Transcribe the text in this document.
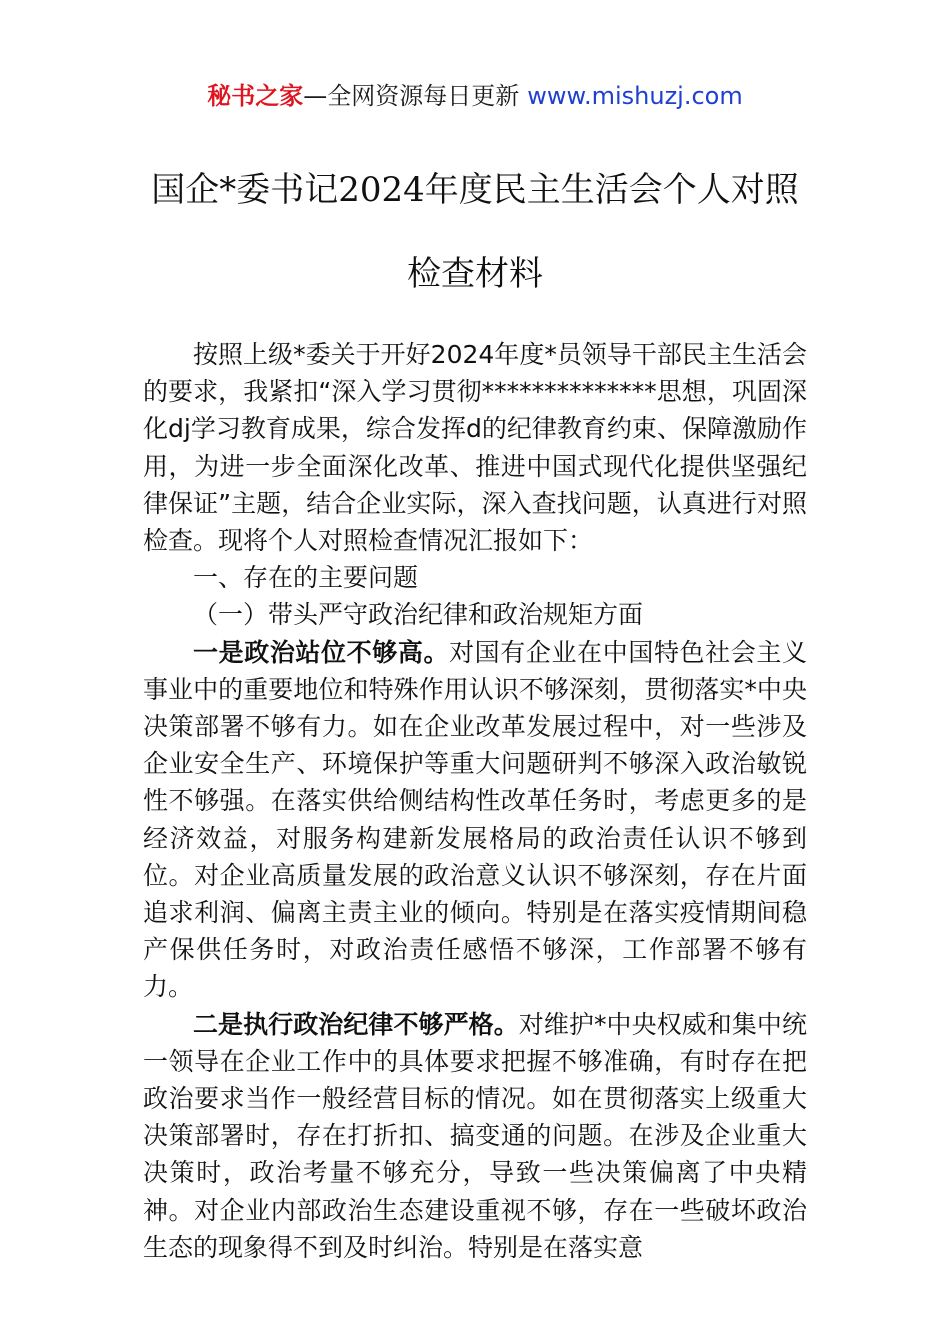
秘书之家—全网资源每日更新 www.mishuzj.com
国企*委书记2024年度民主生活会个人对照检查材料

按照上级*委关于开好2024年度*员领导干部民主生活会的要求，我紧扣“深入学习贯彻**************思想，巩固深化dj学习教育成果，综合发挥d的纪律教育约束、保障激励作用，为进一步全面深化改革、推进中国式现代化提供坚强纪律保证”主题，结合企业实际，深入查找问题，认真进行对照检查。现将个人对照检查情况汇报如下：

一、存在的主要问题

（一）带头严守政治纪律和政治规矩方面

一是政治站位不够高。对国有企业在中国特色社会主义事业中的重要地位和特殊作用认识不够深刻，贯彻落实*中央决策部署不够有力。如在企业改革发展过程中，对一些涉及企业安全生产、环境保护等重大问题研判不够深入政治敏锐性不够强。在落实供给侧结构性改革任务时，考虑更多的是经济效益，对服务构建新发展格局的政治责任认识不够到位。对企业高质量发展的政治意义认识不够深刻，存在片面追求利润、偏离主责主业的倾向。特别是在落实疫情期间稳产保供任务时，对政治责任感悟不够深，工作部署不够有力。

二是执行政治纪律不够严格。对维护*中央权威和集中统一领导在企业工作中的具体要求把握不够准确，有时存在把政治要求当作一般经营目标的情况。如在贯彻落实上级重大决策部署时，存在打折扣、搞变通的问题。在涉及企业重大决策时，政治考量不够充分，导致一些决策偏离了中央精神。对企业内部政治生态建设重视不够，存在一些破坏政治生态的现象得不到及时纠治。特别是在落实意
